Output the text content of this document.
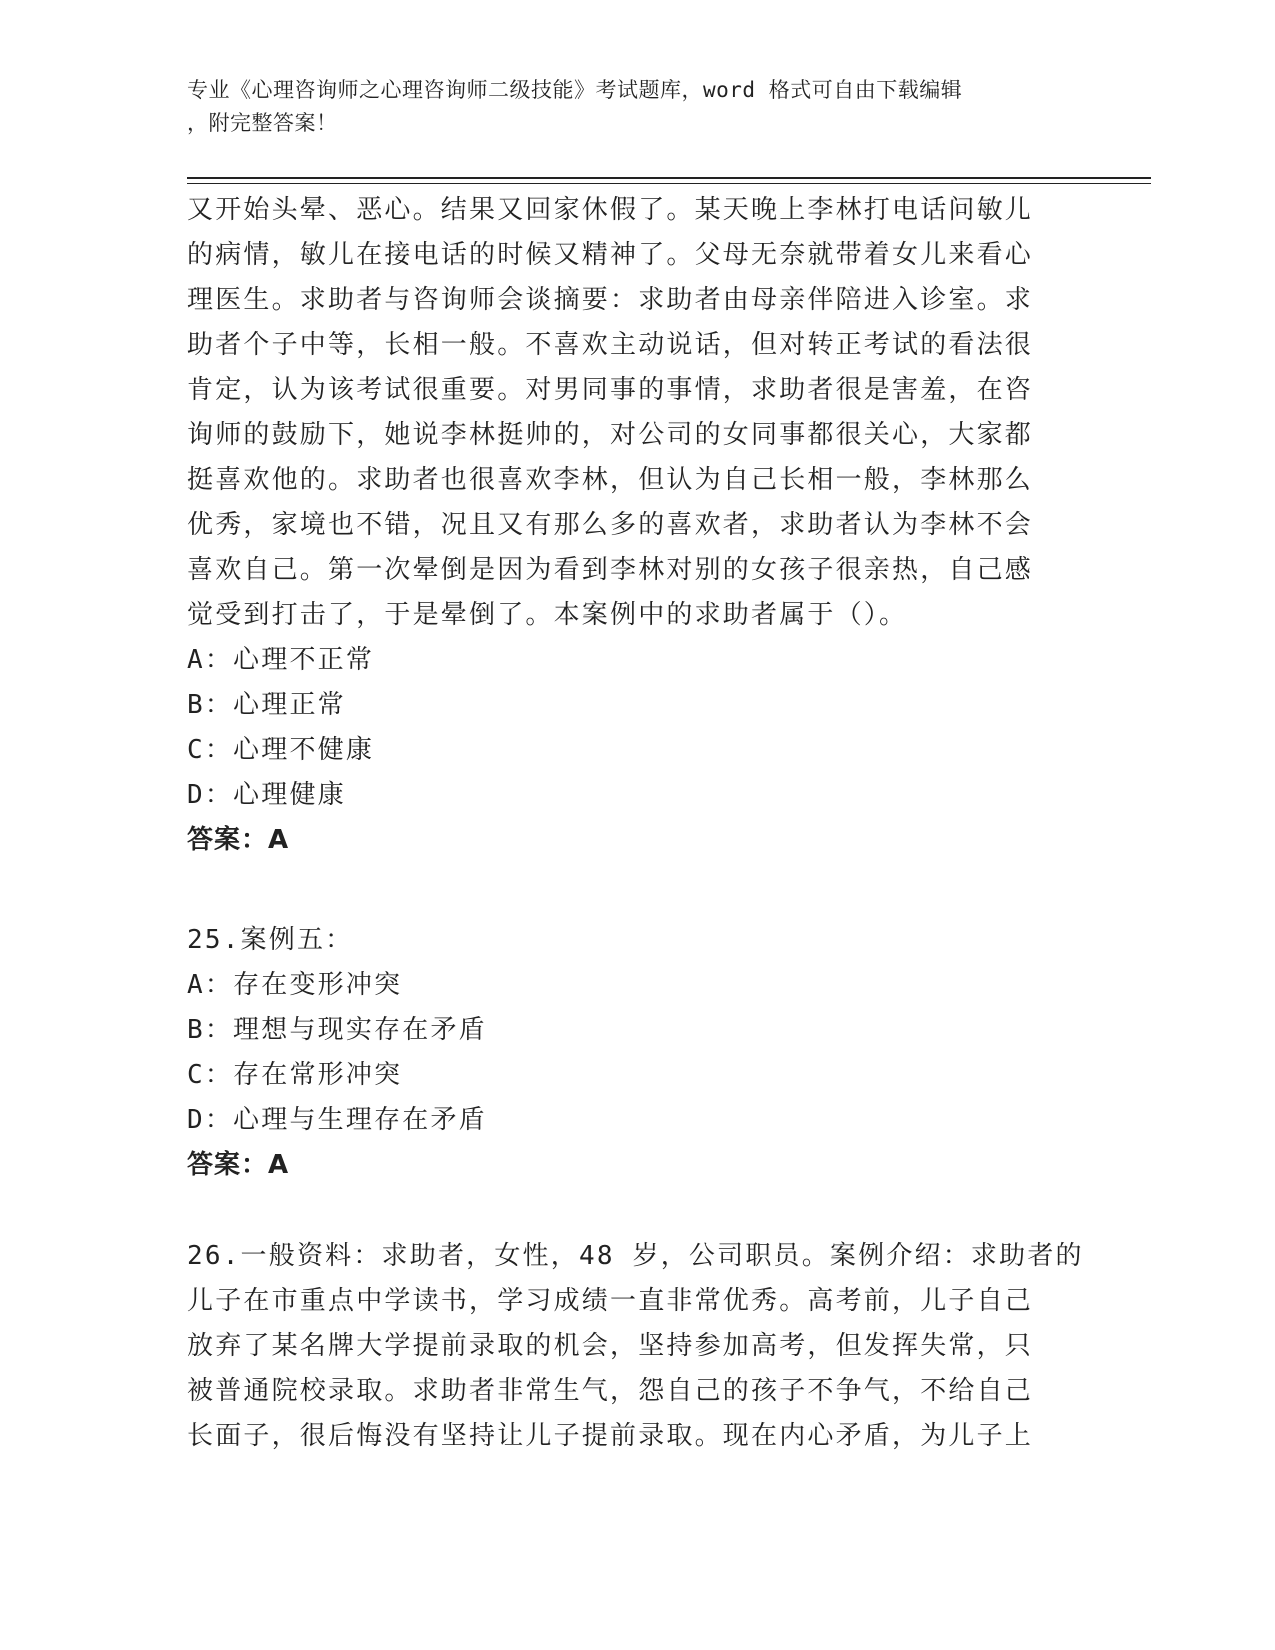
专业《心理咨询师之心理咨询师二级技能》考试题库，word 格式可自由下载编辑
，附完整答案！

又开始头晕、恶心。结果又回家休假了。某天晚上李林打电话问敏儿

的病情，敏儿在接电话的时候又精神了。父母无奈就带着女儿来看心

理医生。求助者与咨询师会谈摘要：求助者由母亲伴陪进入诊室。求

助者个子中等，长相一般。不喜欢主动说话，但对转正考试的看法很

肯定，认为该考试很重要。对男同事的事情，求助者很是害羞，在咨

询师的鼓励下，她说李林挺帅的，对公司的女同事都很关心，大家都

挺喜欢他的。求助者也很喜欢李林，但认为自己长相一般，李林那么

优秀，家境也不错，况且又有那么多的喜欢者，求助者认为李林不会

喜欢自己。第一次晕倒是因为看到李林对别的女孩子很亲热，自己感

觉受到打击了，于是晕倒了。本案例中的求助者属于（）。

A：心理不正常

B：心理正常

C：心理不健康

D：心理健康

答案：A

25.案例五：

A：存在变形冲突

B：理想与现实存在矛盾

C：存在常形冲突

D：心理与生理存在矛盾

答案：A

26.一般资料：求助者，女性，48 岁，公司职员。案例介绍：求助者的

儿子在市重点中学读书，学习成绩一直非常优秀。高考前，儿子自己

放弃了某名牌大学提前录取的机会，坚持参加高考，但发挥失常，只

被普通院校录取。求助者非常生气，怨自己的孩子不争气，不给自己

长面子，很后悔没有坚持让儿子提前录取。现在内心矛盾，为儿子上
